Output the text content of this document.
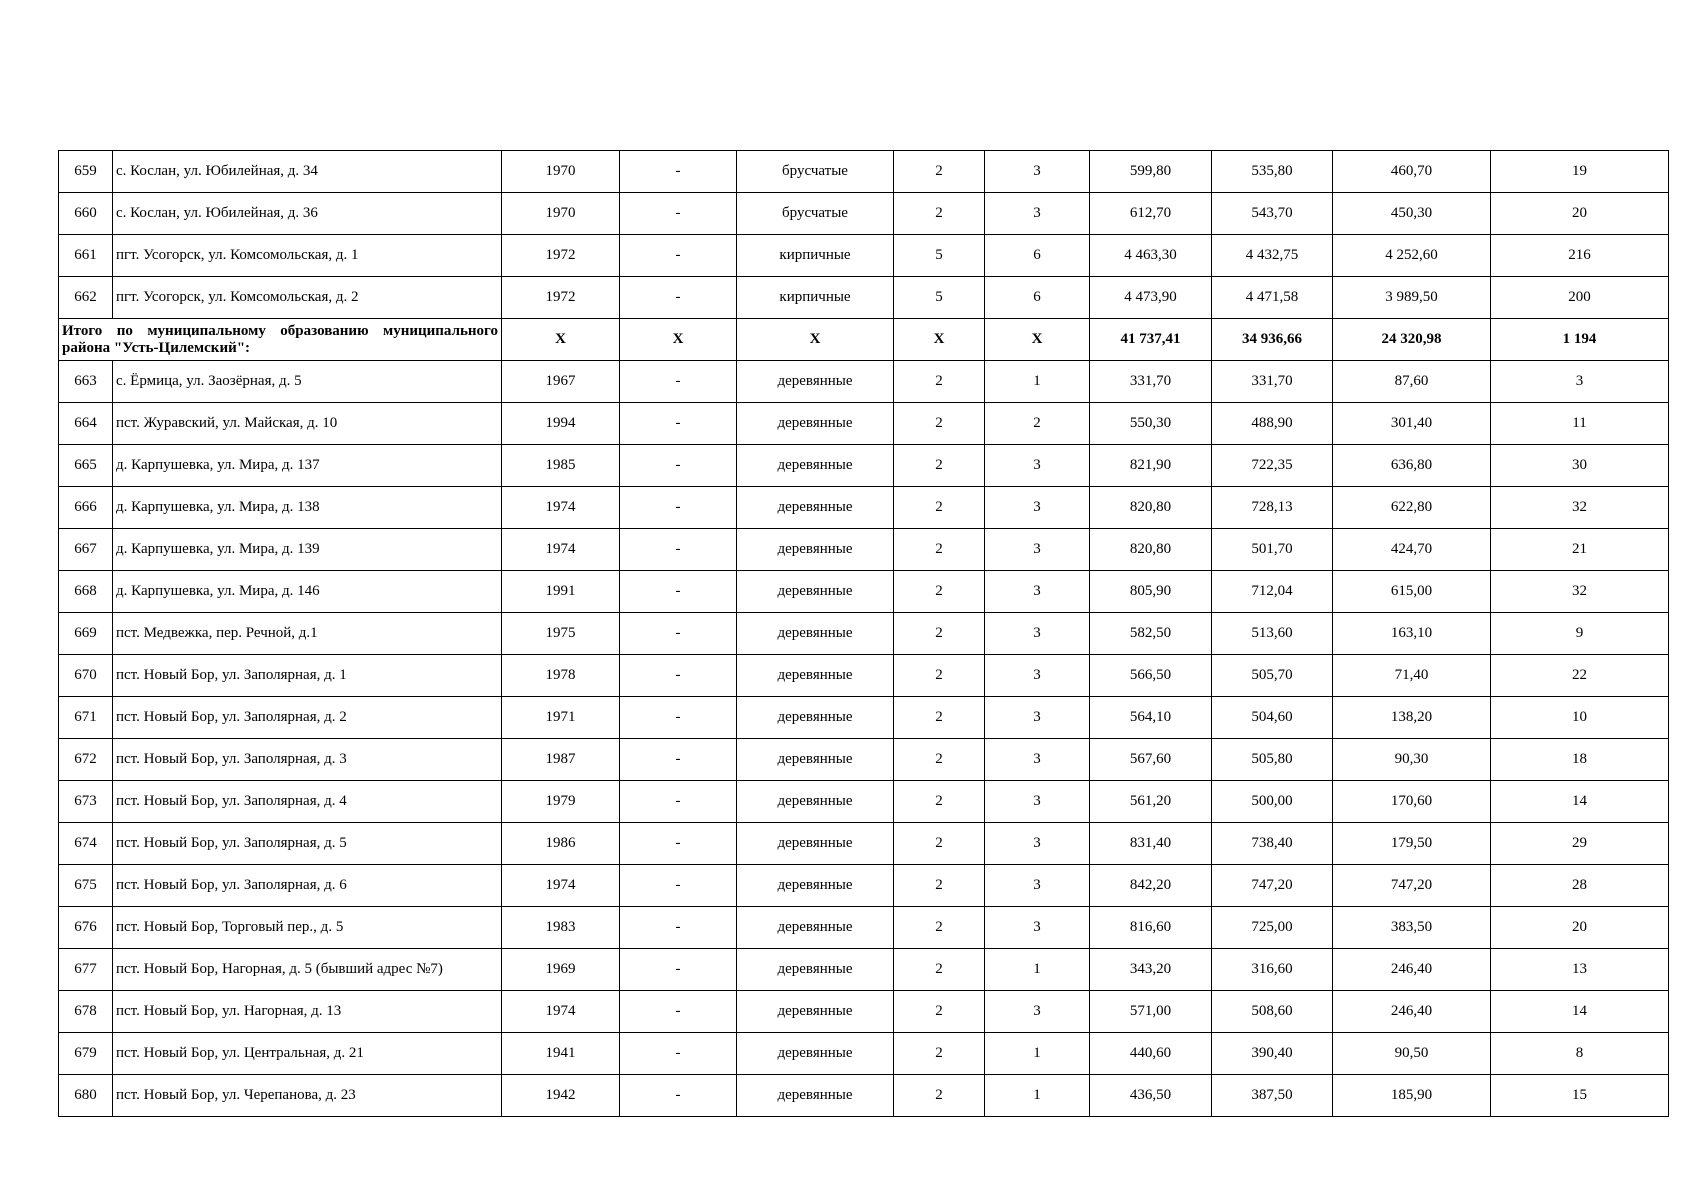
659	с. Кослан, ул. Юбилейная, д. 34	1970	-	брусчатые	2	3	599,80	535,80	460,70	19
660	с. Кослан, ул. Юбилейная, д. 36	1970	-	брусчатые	2	3	612,70	543,70	450,30	20
661	пгт. Усогорск, ул. Комсомольская, д. 1	1972	-	кирпичные	5	6	4 463,30	4 432,75	4 252,60	216
662	пгт. Усогорск, ул. Комсомольская, д. 2	1972	-	кирпичные	5	6	4 473,90	4 471,58	3 989,50	200
Итого по муниципальному образованию муниципального района "Усть-Цилемский":		X	X	X	X	X	41 737,41	34 936,66	24 320,98	1 194
663	с. Ёрмица, ул. Заозёрная, д. 5	1967	-	деревянные	2	1	331,70	331,70	87,60	3
664	пст. Журавский, ул. Майская, д. 10	1994	-	деревянные	2	2	550,30	488,90	301,40	11
665	д. Карпушевка, ул. Мира, д. 137	1985	-	деревянные	2	3	821,90	722,35	636,80	30
666	д. Карпушевка, ул. Мира, д. 138	1974	-	деревянные	2	3	820,80	728,13	622,80	32
667	д. Карпушевка, ул. Мира, д. 139	1974	-	деревянные	2	3	820,80	501,70	424,70	21
668	д. Карпушевка, ул. Мира, д. 146	1991	-	деревянные	2	3	805,90	712,04	615,00	32
669	пст. Медвежка, пер. Речной, д.1	1975	-	деревянные	2	3	582,50	513,60	163,10	9
670	пст. Новый Бор, ул. Заполярная, д. 1	1978	-	деревянные	2	3	566,50	505,70	71,40	22
671	пст. Новый Бор, ул. Заполярная, д. 2	1971	-	деревянные	2	3	564,10	504,60	138,20	10
672	пст. Новый Бор, ул. Заполярная, д. 3	1987	-	деревянные	2	3	567,60	505,80	90,30	18
673	пст. Новый Бор, ул. Заполярная, д. 4	1979	-	деревянные	2	3	561,20	500,00	170,60	14
674	пст. Новый Бор, ул. Заполярная, д. 5	1986	-	деревянные	2	3	831,40	738,40	179,50	29
675	пст. Новый Бор, ул. Заполярная, д. 6	1974	-	деревянные	2	3	842,20	747,20	747,20	28
676	пст. Новый Бор, Торговый пер., д. 5	1983	-	деревянные	2	3	816,60	725,00	383,50	20
677	пст. Новый Бор, Нагорная, д. 5 (бывший адрес №7)	1969	-	деревянные	2	1	343,20	316,60	246,40	13
678	пст. Новый Бор, ул. Нагорная, д. 13	1974	-	деревянные	2	3	571,00	508,60	246,40	14
679	пст. Новый Бор, ул. Центральная, д. 21	1941	-	деревянные	2	1	440,60	390,40	90,50	8
680	пст. Новый Бор, ул. Черепанова, д. 23	1942	-	деревянные	2	1	436,50	387,50	185,90	15
